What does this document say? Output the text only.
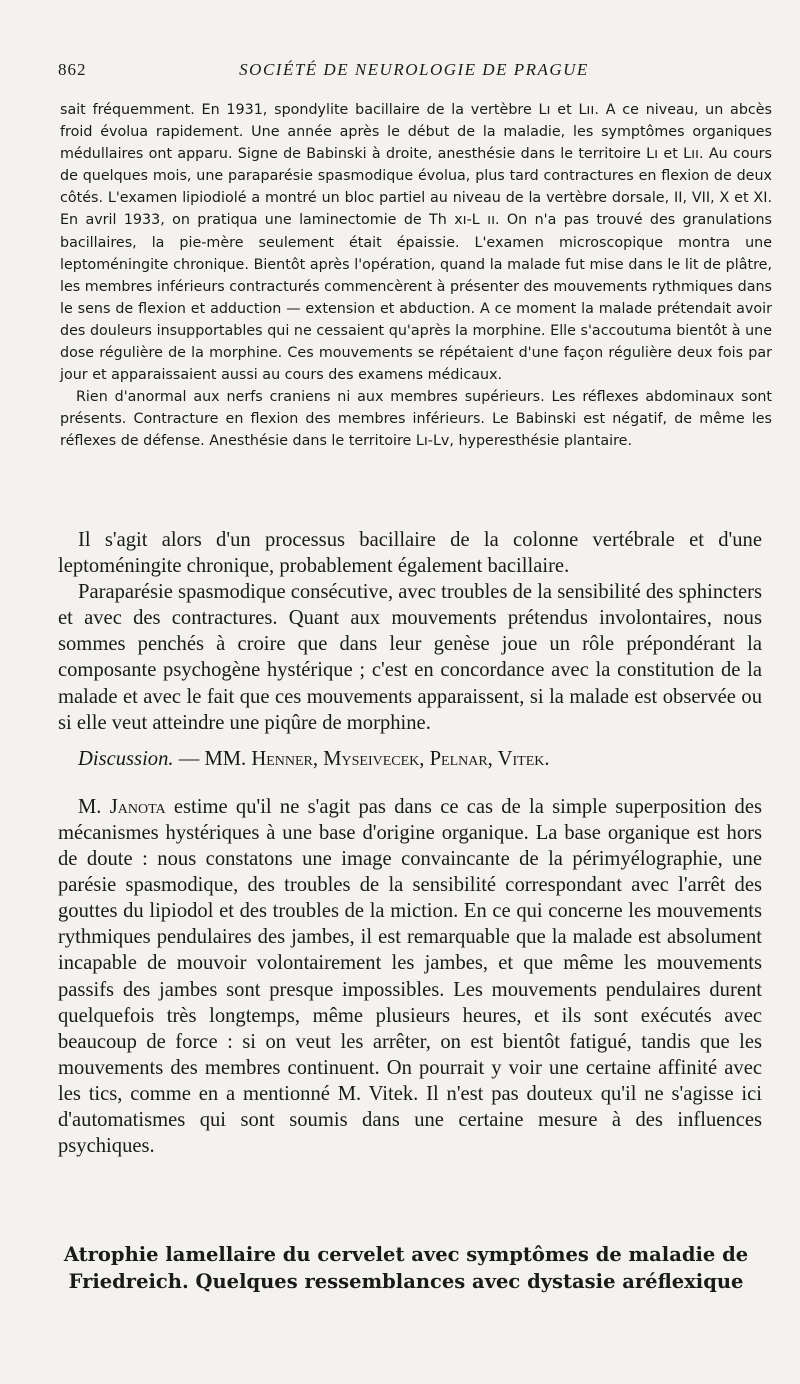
862	SOCIÉTÉ DE NEUROLOGIE DE PRAGUE

sait fréquemment. En 1931, spondylite bacillaire de la vertèbre Lı et Lıı. A ce niveau, un abcès froid évolua rapidement. Une année après le début de la maladie, les symptômes organiques médullaires ont apparu. Signe de Babinski à droite, anesthésie dans le territoire Lı et Lıı. Au cours de quelques mois, une paraparésie spasmodique évolua, plus tard contractures en flexion de deux côtés. L'examen lipiodiolé a montré un bloc partiel au niveau de la vertèbre dorsale, II, VII, X et XI. En avril 1933, on pratiqua une laminectomie de Th xı-L ıı. On n'a pas trouvé des granulations bacillaires, la pie-mère seulement était épaissie. L'examen microscopique montra une leptoméningite chronique. Bientôt après l'opération, quand la malade fut mise dans le lit de plâtre, les membres inférieurs contracturés commencèrent à présenter des mouvements rythmiques dans le sens de flexion et adduction — extension et abduction. A ce moment la malade prétendait avoir des douleurs insupportables qui ne cessaient qu'après la morphine. Elle s'accoutuma bientôt à une dose régulière de la morphine. Ces mouvements se répétaient d'une façon régulière deux fois par jour et apparaissaient aussi au cours des examens médicaux.

Rien d'anormal aux nerfs craniens ni aux membres supérieurs. Les réflexes abdominaux sont présents. Contracture en flexion des membres inférieurs. Le Babinski est négatif, de même les réflexes de défense. Anesthésie dans le territoire Lı-Lv, hyperesthésie plantaire.

Il s'agit alors d'un processus bacillaire de la colonne vertébrale et d'une leptoméningite chronique, probablement également bacillaire.

Paraparésie spasmodique consécutive, avec troubles de la sensibilité des sphincters et avec des contractures. Quant aux mouvements prétendus involontaires, nous sommes penchés à croire que dans leur genèse joue un rôle prépondérant la composante psychogène hystérique ; c'est en concordance avec la constitution de la malade et avec le fait que ces mouvements apparaissent, si la malade est observée ou si elle veut atteindre une piqûre de morphine.

Discussion. — MM. Henner, Myseivecek, Pelnar, Vitek.

M. Janota estime qu'il ne s'agit pas dans ce cas de la simple superposition des mécanismes hystériques à une base d'origine organique. La base organique est hors de doute : nous constatons une image convaincante de la périmyélographie, une parésie spasmodique, des troubles de la sensibilité correspondant avec l'arrêt des gouttes du lipiodol et des troubles de la miction. En ce qui concerne les mouvements rythmiques pendulaires des jambes, il est remarquable que la malade est absolument incapable de mouvoir volontairement les jambes, et que même les mouvements passifs des jambes sont presque impossibles. Les mouvements pendulaires durent quelquefois très longtemps, même plusieurs heures, et ils sont exécutés avec beaucoup de force : si on veut les arrêter, on est bientôt fatigué, tandis que les mouvements des membres continuent. On pourrait y voir une certaine affinité avec les tics, comme en a mentionné M. Vitek. Il n'est pas douteux qu'il ne s'agisse ici d'automatismes qui sont soumis dans une certaine mesure à des influences psychiques.

Atrophie lamellaire du cervelet avec symptômes de maladie de
Friedreich. Quelques ressemblances avec dystasie aréflexique
